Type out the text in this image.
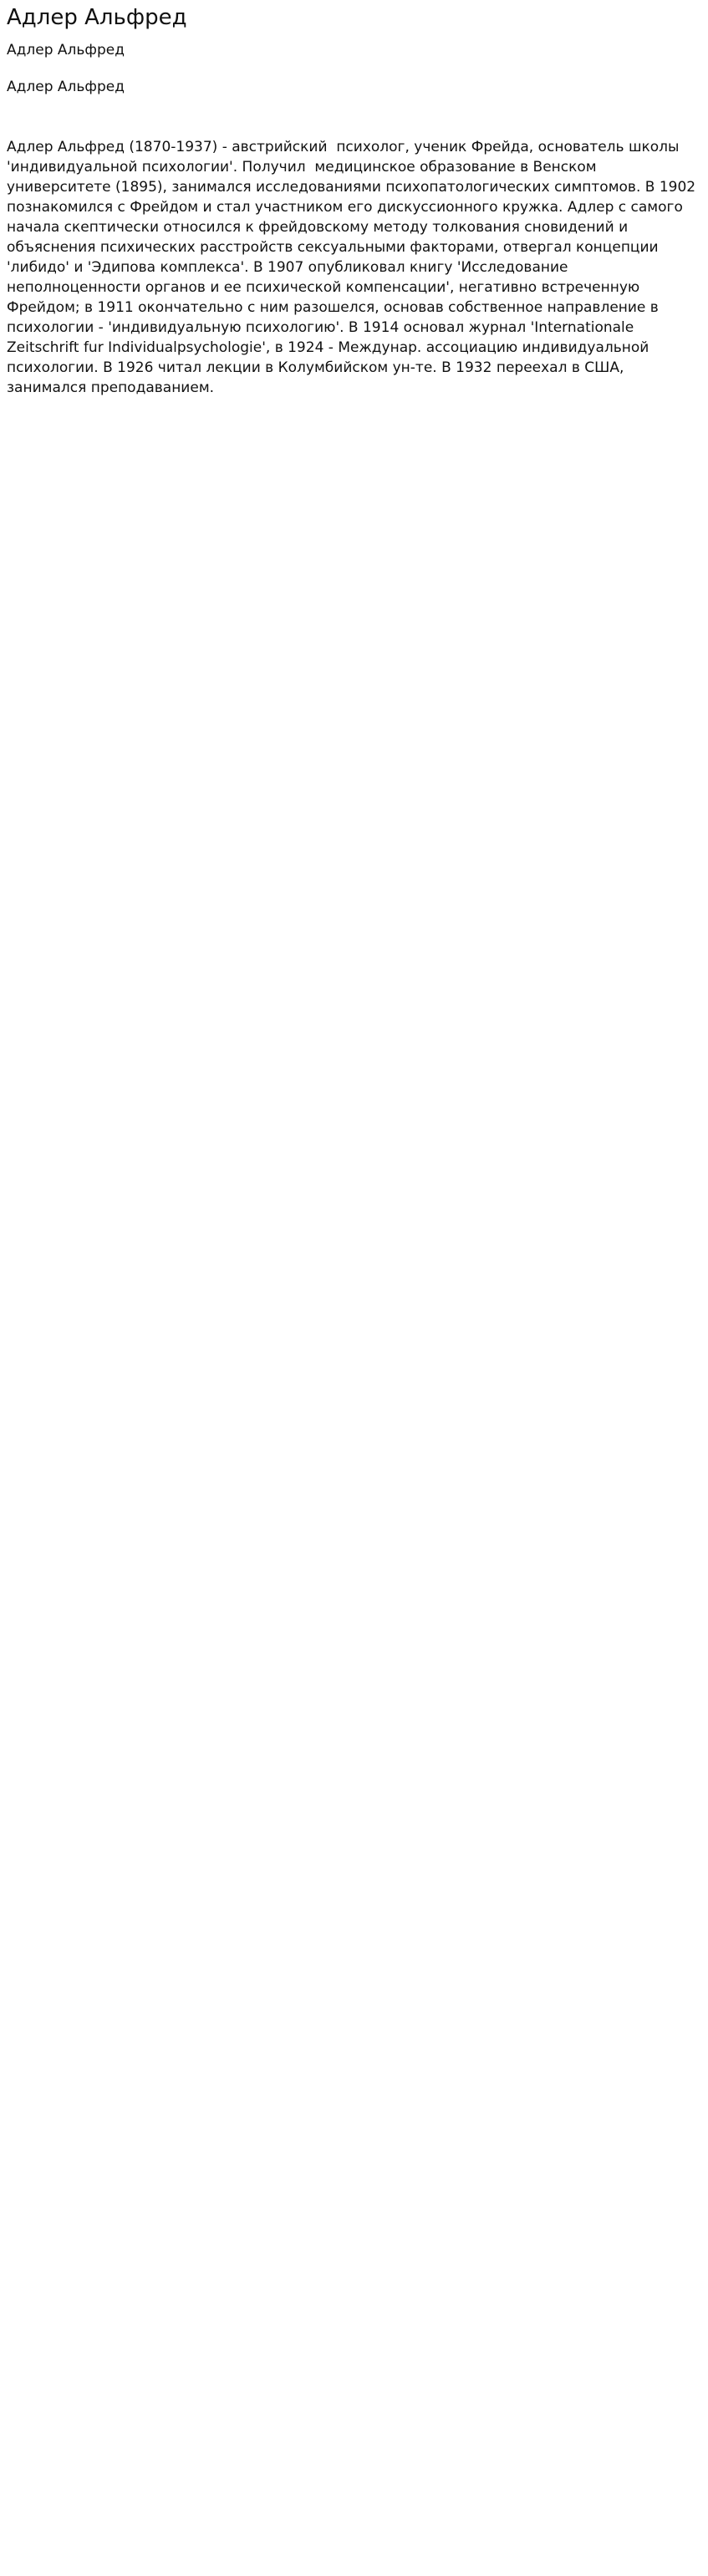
Адлер Альфред
Адлер Альфред
Адлер Альфред
Адлер Альфред (1870-1937) - австрийский  психолог, ученик Фрейда, основатель школы 'индивидуальной психологии'. Получил  медицинское образование в Венском  университете (1895), занимался исследованиями психопатологических симптомов. В 1902 познакомился с Фрейдом и стал участником его дискуссионного кружка. Адлер с самого начала скептически относился к фрейдовскому методу толкования сновидений и объяснения психических расстройств сексуальными факторами, отвергал концепции 'либидо' и 'Эдипова комплекса'. В 1907 опубликовал книгу 'Исследование неполноценности органов и ее психической компенсации', негативно встреченную Фрейдом; в 1911 окончательно с ним разошелся, основав собственное направление в психологии - 'индивидуальную психологию'. В 1914 основал журнал 'Internationale Zeitschrift fur Individualpsychologie', в 1924 - Междунар. ассоциацию индивидуальной психологии. В 1926 читал лекции в Колумбийском ун-те. В 1932 переехал в США, занимался преподаванием.
